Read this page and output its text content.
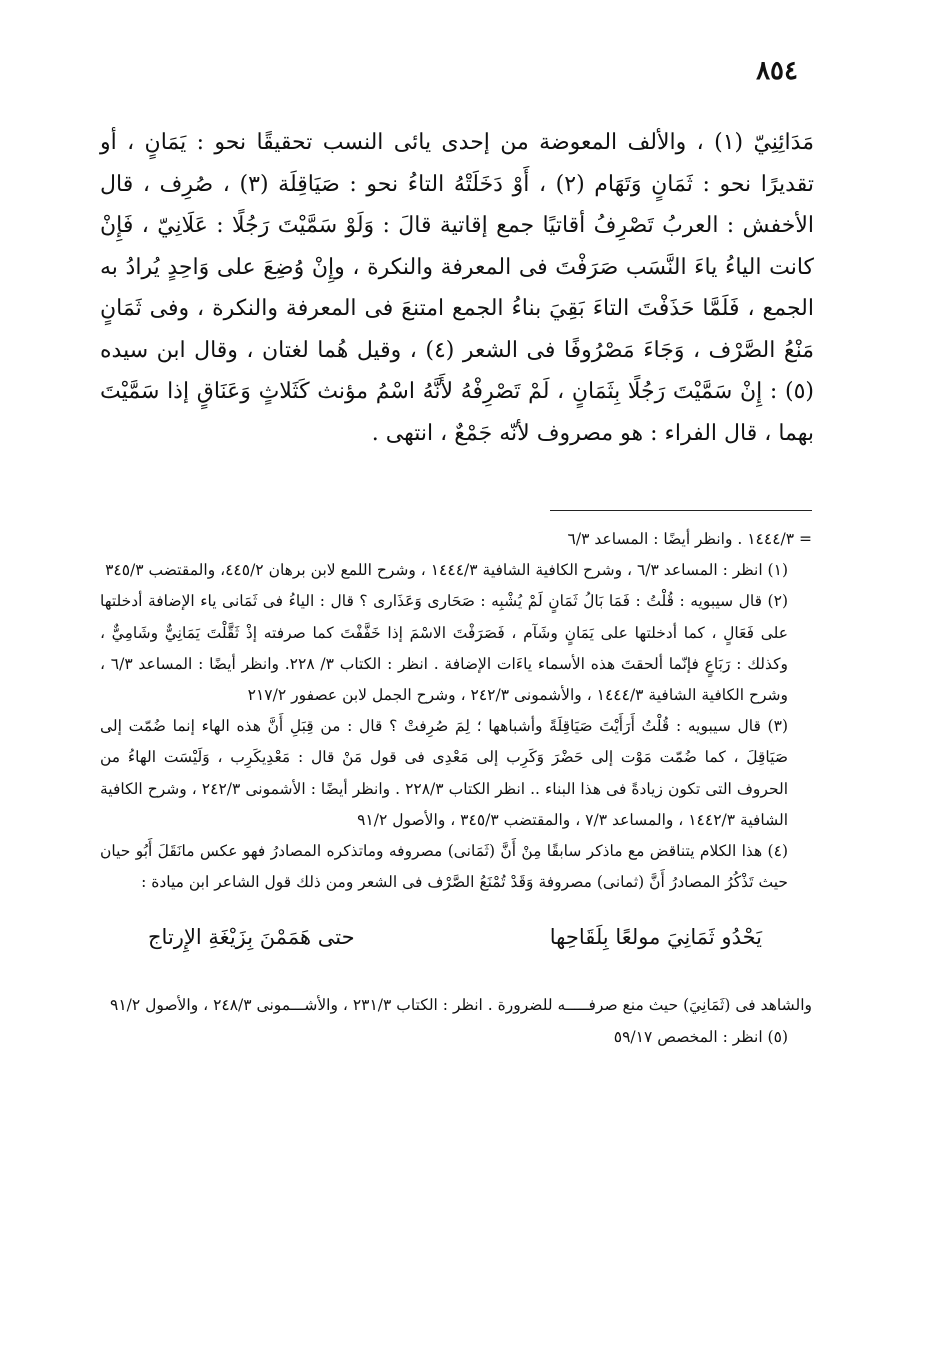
٨٥٤

مَدَائِنِيّ (١) ، والألف المعوضة من إحدى يائى النسب تحقيقًا نحو : يَمَانٍ ، أو تقديرًا نحو : ثَمَانٍ وَتَهَام (٢) ، أَوْ دَخَلَتْهُ التاءُ نحو : صَيَاقِلَة (٣) ، صُرِف ، قال الأخفش : العربُ تَصْرِفُ أقاتيًا جمع إقاتية قالَ : وَلَوْ سَمَّيْتَ رَجُلًا : عَلَانِيّ ، فَإِنْ كانت الياءُ ياءَ النَّسَب صَرَفْتَ فى المعرفة والنكرة ، وإِنْ وُضِعَ على وَاحِدٍ يُرادُ به الجمع ، فَلَمَّا حَذَفْتَ التاءَ بَقِيَ بناءُ الجمع امتنعَ فى المعرفة والنكرة ، وفى ثَمَانٍ مَنْعُ الصَّرْف ، وَجَاءَ مَصْرُوفًا فى الشعر (٤) ، وقيل هُما لغتان ، وقال ابن سيده (٥) : إِنْ سَمَّيْتَ رَجُلًا بِثَمَانٍ ، لَمْ تَصْرِفْهُ لأَنَّهُ اسْمُ مؤنث كَثَلاثٍ وَعَنَاقٍ إذا سَمَّيْتَ بهما ، قال الفراء : هو مصروف لأنّه جَمْعٌ ، انتهى .

= ١٤٤٤/٣ . وانظر أيضًا : المساعد ٦/٣

(١) انظر : المساعد ٦/٣ ، وشرح الكافية الشافية ١٤٤٤/٣ ، وشرح اللمع لابن برهان ٤٤٥/٢، والمقتضب ٣٤٥/٣

(٢) قال سيبويه : قُلْتُ : فَمَا بَالُ ثَمَانٍ لَمْ يُشْبِه : صَحَارى وَعَذَارى ؟ قال : الياءُ فى ثَمَانى ياء الإضافة أدخلتها على فَعَالٍ ، كما أدخلتها على يَمَانٍ وشَآم ، فَصَرَفْتَ الاسْمَ إذا خَفَّفْتَ كما صرفته إذْ ثَقَّلْتَ يَمَانِيٌّ وشَامِيٌّ ، وكذلك : رَبَاعٍ فإنّما ألحقتَ هذه الأسماء ياءَات الإضافة . انظر : الكتاب ٣/ ٢٢٨. وانظر أيضًا : المساعد ٦/٣ ، وشرح الكافية الشافية ١٤٤٤/٣ ، والأشمونى ٢٤٢/٣ ، وشرح الجمل لابن عصفور ٢١٧/٢

(٣) قال سيبويه : قُلْتُ أَرَأَيْتَ صَيَاقِلَةً وأشباهها ؛ لِمَ صُرِفتْ ؟ قال : من قِبَلِ أَنَّ هذه الهاء إنما ضُمّت إلى صَيَاقِلَ ، كما ضُمّت مَوْت إلى حَضْرَ وَكَرِب إلى مَعْدِى فى قول مَنْ قال : مَعْدِيكَرِب ، وَلَيْسَت الهاءُ من الحروف التى تكون زيادةً فى هذا البناء .. انظر الكتاب ٢٢٨/٣ . وانظر أيضًا : الأشمونى ٢٤٢/٣ ، وشرح الكافية الشافية ١٤٤٢/٣ ، والمساعد ٧/٣ ، والمقتضب ٣٤٥/٣ ، والأصول ٩١/٢

(٤) هذا الكلام يتناقض مع ماذكر سابقًا مِنْ أَنَّ (ثَمَانى) مصروفه وماتذكره المصادرُ فهو عكس مانَقَلَ أَبُو حيان حيث تَذْكُرُ المصادرُ أَنَّ (ثمانى) مصروفة وَقَدْ تُمْنَعُ الصَّرْف فى الشعر ومن ذلك قول الشاعر ابن ميادة :

يَحْدُو ثَمَانِيَ مولعًا بِلَقَاحِها
حتى هَمَمْنَ بِزَيْغَةِ الإِرتاج

والشاهد فى (ثَمَانِيَ) حيث منع صرفـــــه للضرورة . انظر : الكتاب ٢٣١/٣ ، والأشـــمونى ٢٤٨/٣ ، والأصول ٩١/٢

(٥) انظر : المخصص ٥٩/١٧
